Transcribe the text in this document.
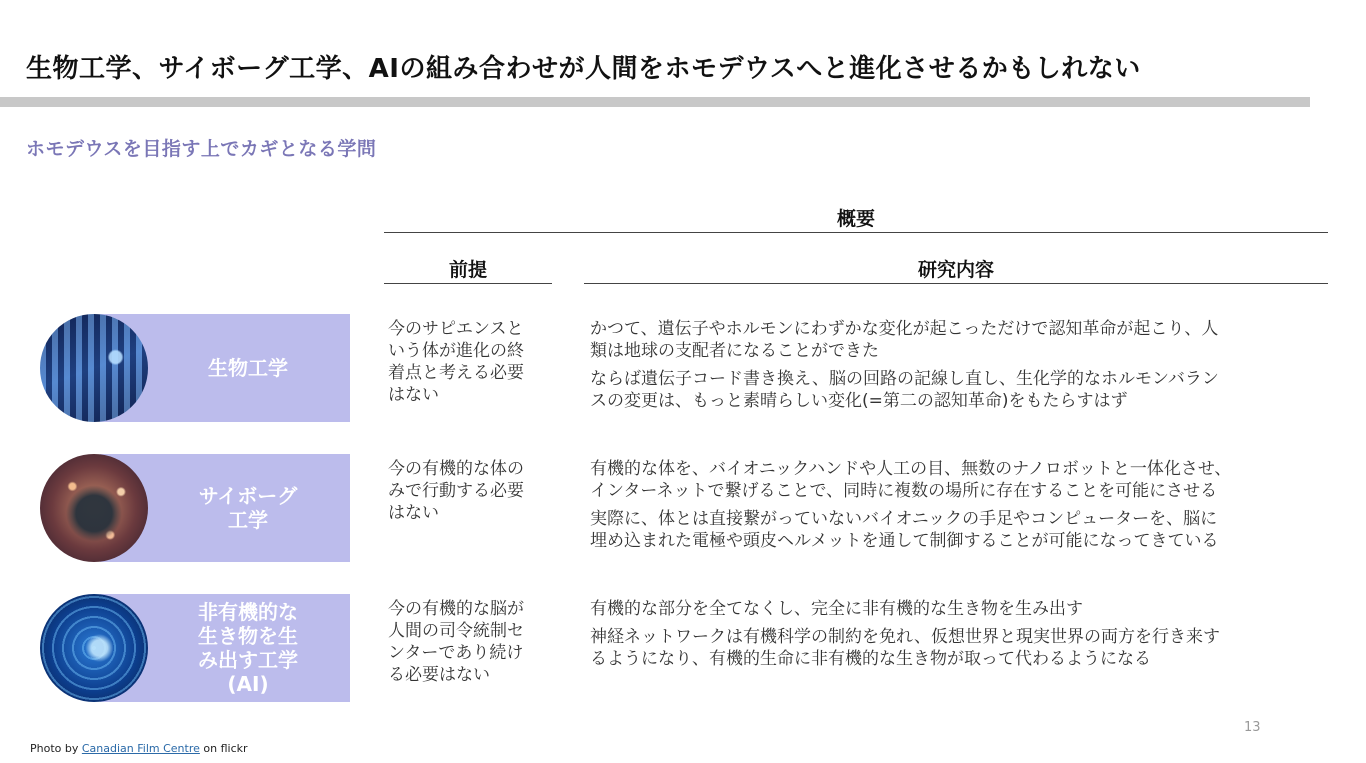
生物工学、サイボーグ工学、AIの組み合わせが人間をホモデウスへと進化させるかもしれない
ホモデウスを目指す上でカギとなる学問
概要
前提	研究内容
生物工学
今のサピエンスと
いう体が進化の終
着点と考える必要
はない

かつて、遺伝子やホルモンにわずかな変化が起こっただけで認知革命が起こり、人
類は地球の支配者になることができた

ならば遺伝子コード書き換え、脳の回路の記線し直し、生化学的なホルモンバラン
スの変更は、もっと素晴らしい変化(=第二の認知革命)をもたらすはず

サイボーグ
工学
今の有機的な体の
みで行動する必要
はない

有機的な体を、バイオニックハンドや人工の目、無数のナノロボットと一体化させ、
インターネットで繋げることで、同時に複数の場所に存在することを可能にさせる

実際に、体とは直接繋がっていないバイオニックの手足やコンピューターを、脳に
埋め込まれた電極や頭皮ヘルメットを通して制御することが可能になってきている

非有機的な
生き物を生
み出す工学
(AI)
今の有機的な脳が
人間の司令統制セ
ンターであり続け
る必要はない

有機的な部分を全てなくし、完全に非有機的な生き物を生み出す

神経ネットワークは有機科学の制約を免れ、仮想世界と現実世界の両方を行き来す
るようになり、有機的生命に非有機的な生き物が取って代わるようになる

13
Photo by Canadian Film Centre on flickr
